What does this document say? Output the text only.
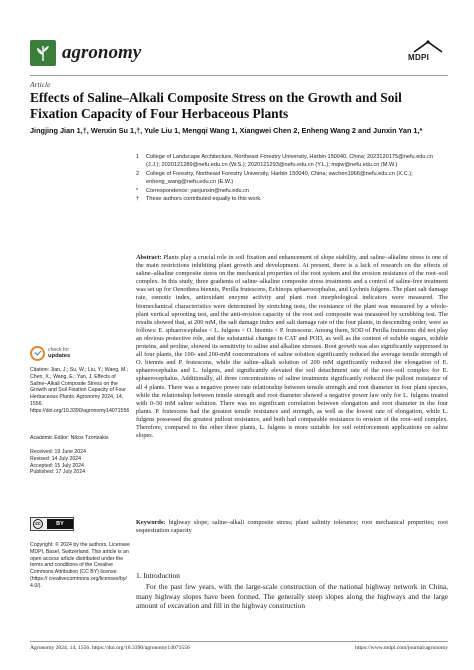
agronomy	MDPI
Article
Effects of Saline–Alkali Composite Stress on the Growth and Soil Fixation Capacity of Four Herbaceous Plants
Jingjing Jian 1,†, Wenxin Su 1,†, Yule Liu 1, Mengqi Wang 1, Xiangwei Chen 2, Enheng Wang 2 and Junxin Yan 1,*
1 College of Landscape Architecture, Northeast Forestry University, Harbin 150040, China; 2023120175@nefu.edu.cn (J.J.); 2020121289@nefu.edu.cn (W.S.); 2020121293@nefu.edu.cn (Y.L.); mqiw@nefu.edu.cn (M.W.)
2 College of Forestry, Northeast Forestry University, Harbin 150040, China; swchen1966@nefu.edu.cn (X.C.); enheng_wang@nefu.edu.cn (E.W.)
* Correspondence: yanjunxin@nefu.edu.cn
† These authors contributed equally to this work.
Abstract: Plants play a crucial role in soil fixation and enhancement of slope stability, and saline–alkaline stress is one of the main restrictions inhibiting plant growth and development. At present, there is a lack of research on the effects of saline–alkaline composite stress on the mechanical properties of the root system and the erosion resistance of the root–soil complex. In this study, three gradients of saline–alkaline composite stress treatments and a control of saline-free treatment was set up for Oenothera biennis, Perilla frutescens, Echinops sphaerocephalus, and Lychnis fulgens. The plant salt damage rate, osmotic index, antioxidant enzyme activity and plant root morphological indicators were measured. The biomechanical characteristics were determined by stretching tests, the resistance of the plant was measured by a whole-plant vertical uprooting test, and the anti-erosion capacity of the root soil composite was measured by scrubbing test. The results showed that, at 200 mM, the salt damage index and salt damage rate of the four plants, in descending order, were as follows: E. sphaerocephalus < L. fulgens < O. biennis < P. frutescens. Among them, SOD of Perilla frutescens did not play an obvious protective role, and the substantial changes in CAT and POD, as well as the content of soluble sugars, soluble proteins, and proline, showed its sensitivity to saline and alkaline stresses. Root growth was also significantly suppressed in all four plants, the 100- and 200-mM concentrations of saline solution significantly reduced the average tensile strength of O. biennis and P. frutescens, while the saline–alkali solution of 200 mM significantly reduced the elongation of E. sphaerocephalus and L. fulgens, and significantly elevated the soil detachment rate of the root–soil complex for E. sphaerocephalus. Additionally, all three concentrations of saline treatments significantly reduced the pullout resistance of all 4 plants. There was a negative power rate relationship between tensile strength and root diameter in four plant species, while the relationship between tensile strength and root diameter showed a negative power law only for L. fulgens treated with 0–50 mM saline solution. There was no significant correlation between elongation and root diameter in the four plants. P. frutescens had the greatest tensile resistance and strength, as well as the lowest rate of elongation, while L. fulgens possessed the greatest pullout resistance, and both had comparable resistance to erosion of the root–soil complex. Therefore, compared to the other three plants, L. fulgens is more suitable for soil reinforcement applications on saline slopes.
Keywords: highway slope; saline–alkali composite stress; plant salinity tolerance; root mechanical properties; root sequestration capacity
check for
updates
Citation: Jian, J.; Su, W.; Liu, Y.; Wang, M.; Chen, X.; Wang, E.; Yan, J. Effects of Saline–Alkali Composite Stress on the Growth and Soil Fixation Capacity of Four Herbaceous Plants. Agronomy 2024, 14, 1556. https://doi.org/10.3390/agronomy14071556
Academic Editor: Nikos Tzortzakis
Received: 19 June 2024
Revised: 14 July 2024
Accepted: 15 July 2024
Published: 17 July 2024
cc	BY
Copyright: © 2024 by the authors. Licensee MDPI, Basel, Switzerland. This article is an open access article distributed under the terms and conditions of the Creative Commons Attribution (CC BY) license (https:// creativecommons.org/licenses/by/ 4.0/).
1. Introduction
For the past few years, with the large-scale construction of the national highway network in China, many highway slopes have been formed. The generally steep slopes along the highways and the large amount of excavation and fill in the highway construction
Agronomy 2024, 14, 1556. https://doi.org/10.3390/agronomy14071556	https://www.mdpi.com/journal/agronomy
